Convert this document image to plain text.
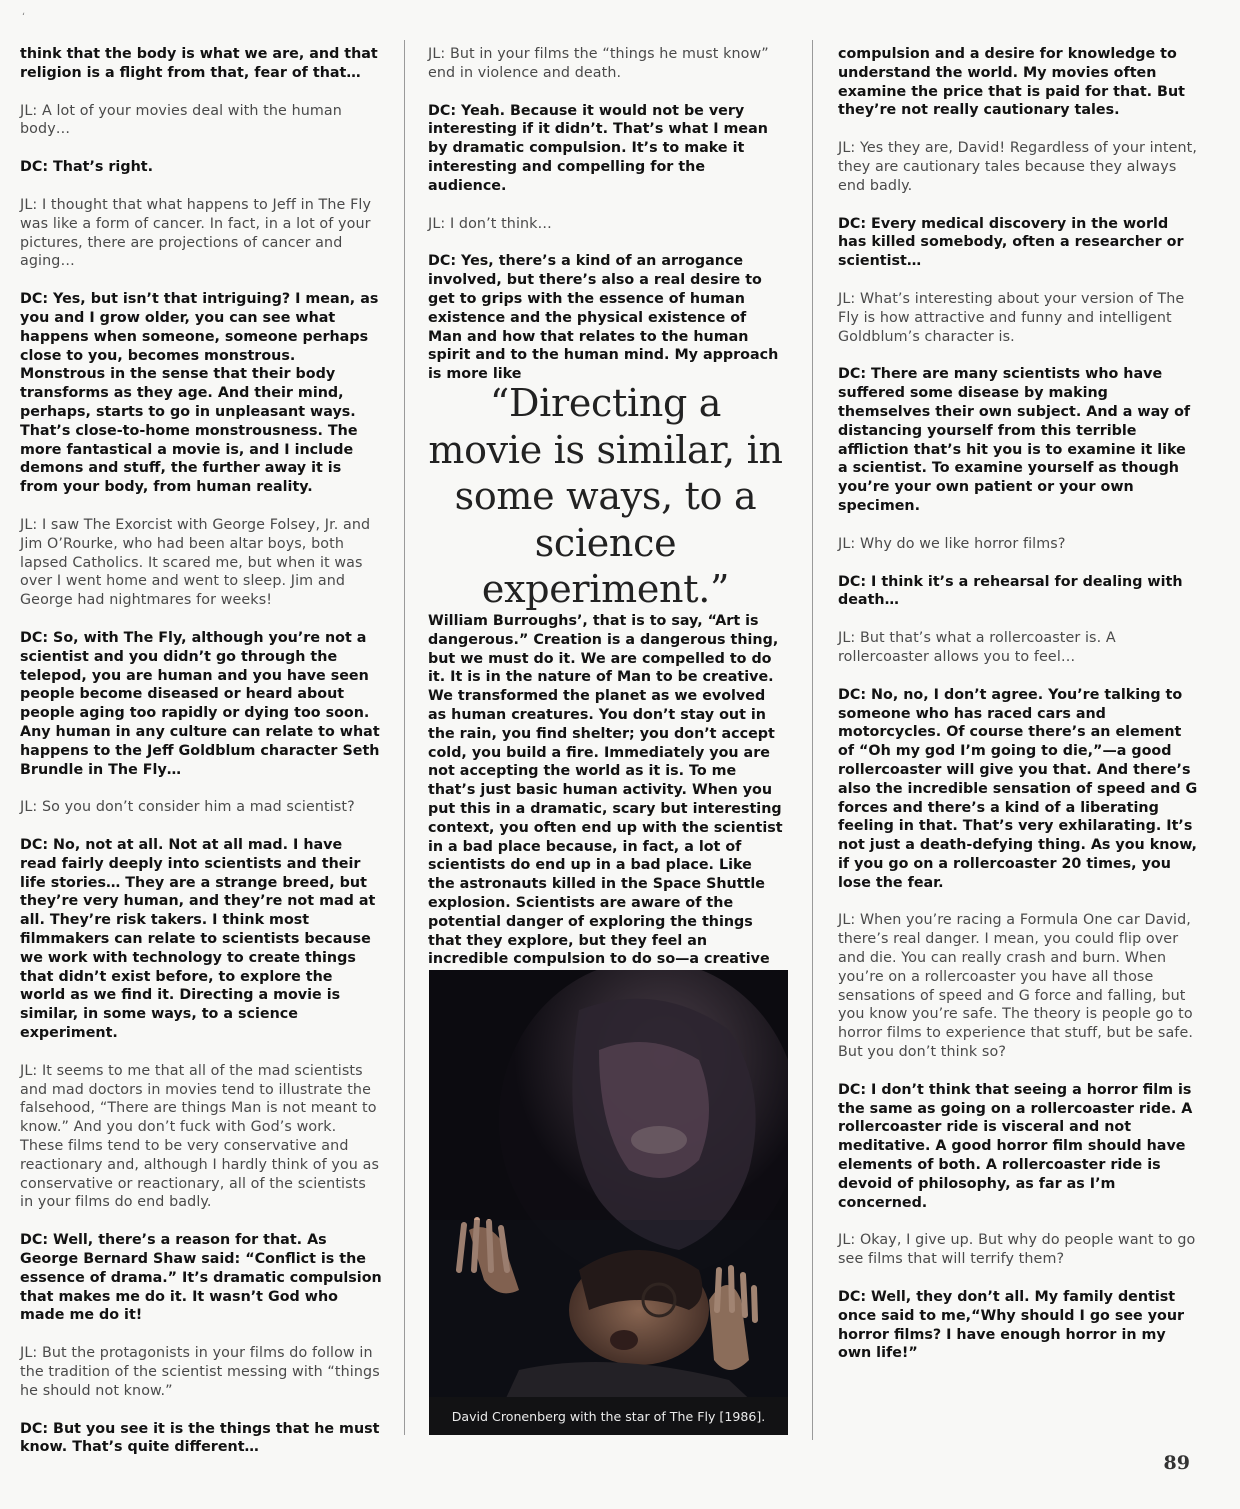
ʻ

think that the body is what we are, and that religion is a flight from that, fear of that…

JL: A lot of your movies deal with the human body…

DC: That’s right.

JL: I thought that what happens to Jeff in The Fly was like a form of cancer. In fact, in a lot of your pictures, there are projections of cancer and aging…

DC: Yes, but isn’t that intriguing? I mean, as you and I grow older, you can see what happens when someone, someone perhaps close to you, becomes monstrous. Monstrous in the sense that their body transforms as they age. And their mind, perhaps, starts to go in unpleasant ways. That’s close-to-home monstrousness. The more fantastical a movie is, and I include demons and stuff, the further away it is from your body, from human reality.

JL: I saw The Exorcist with George Folsey, Jr. and Jim O’Rourke, who had been altar boys, both lapsed Catholics. It scared me, but when it was over I went home and went to sleep. Jim and George had nightmares for weeks!

DC: So, with The Fly, although you’re not a scientist and you didn’t go through the telepod, you are human and you have seen people become diseased or heard about people aging too rapidly or dying too soon. Any human in any culture can relate to what happens to the Jeff Goldblum character Seth Brundle in The Fly…

JL: So you don’t consider him a mad scientist?

DC: No, not at all. Not at all mad. I have read fairly deeply into scientists and their life stories… They are a strange breed, but they’re very human, and they’re not mad at all. They’re risk takers. I think most filmmakers can relate to scientists because we work with technology to create things that didn’t exist before, to explore the world as we find it. Directing a movie is similar, in some ways, to a science experiment.

JL: It seems to me that all of the mad scientists and mad doctors in movies tend to illustrate the falsehood, “There are things Man is not meant to know.” And you don’t fuck with God’s work. These films tend to be very conservative and reactionary and, although I hardly think of you as conservative or reactionary, all of the scientists in your films do end badly.

DC: Well, there’s a reason for that. As George Bernard Shaw said: “Conflict is the essence of drama.” It’s dramatic compulsion that makes me do it. It wasn’t God who made me do it!

JL: But the protagonists in your films do follow in the tradition of the scientist messing with “things he should not know.”

DC: But you see it is the things that he must know. That’s quite different…

JL: But in your films the “things he must know” end in violence and death.

DC: Yeah. Because it would not be very interesting if it didn’t. That’s what I mean by dramatic compulsion. It’s to make it interesting and compelling for the audience.

JL: I don’t think…

DC: Yes, there’s a kind of an arrogance involved, but there’s also a real desire to get to grips with the essence of human existence and the physical existence of Man and how that relates to the human spirit and to the human mind. My approach is more like

“Directing a movie is similar, in some ways, to a science experiment.”

William Burroughs’, that is to say, “Art is dangerous.” Creation is a dangerous thing, but we must do it. We are compelled to do it. It is in the nature of Man to be creative. We transformed the planet as we evolved as human creatures. You don’t stay out in the rain, you find shelter; you don’t accept cold, you build a fire. Immediately you are not accepting the world as it is. To me that’s just basic human activity. When you put this in a dramatic, scary but interesting context, you often end up with the scientist in a bad place because, in fact, a lot of scientists do end up in a bad place. Like the astronauts killed in the Space Shuttle explosion. Scientists are aware of the potential danger of exploring the things that they explore, but they feel an incredible compulsion to do so—a creative

compulsion and a desire for knowledge to understand the world. My movies often examine the price that is paid for that. But they’re not really cautionary tales.

JL: Yes they are, David! Regardless of your intent, they are cautionary tales because they always end badly.

DC: Every medical discovery in the world has killed somebody, often a researcher or scientist…

JL: What’s interesting about your version of The Fly is how attractive and funny and intelligent Goldblum’s character is.

DC: There are many scientists who have suffered some disease by making themselves their own subject. And a way of distancing yourself from this terrible affliction that’s hit you is to examine it like a scientist. To examine yourself as though you’re your own patient or your own specimen.

JL: Why do we like horror films?

DC: I think it’s a rehearsal for dealing with death…

JL: But that’s what a rollercoaster is. A rollercoaster allows you to feel…

DC: No, no, I don’t agree. You’re talking to someone who has raced cars and motorcycles. Of course there’s an element of “Oh my god I’m going to die,”—a good rollercoaster will give you that. And there’s also the incredible sensation of speed and G forces and there’s a kind of a liberating feeling in that. That’s very exhilarating. It’s not just a death-defying thing. As you know, if you go on a rollercoaster 20 times, you lose the fear.

JL: When you’re racing a Formula One car David, there’s real danger. I mean, you could flip over and die. You can really crash and burn. When you’re on a rollercoaster you have all those sensations of speed and G force and falling, but you know you’re safe. The theory is people go to horror films to experience that stuff, but be safe. But you don’t think so?

DC: I don’t think that seeing a horror film is the same as going on a rollercoaster ride. A rollercoaster ride is visceral and not meditative. A good horror film should have elements of both. A rollercoaster ride is devoid of philosophy, as far as I’m concerned.

JL: Okay, I give up. But why do people want to go see films that will terrify them?

DC: Well, they don’t all. My family dentist once said to me,“Why should I go see your horror films? I have enough horror in my own life!”

David Cronenberg with the star of The Fly [1986].
89
